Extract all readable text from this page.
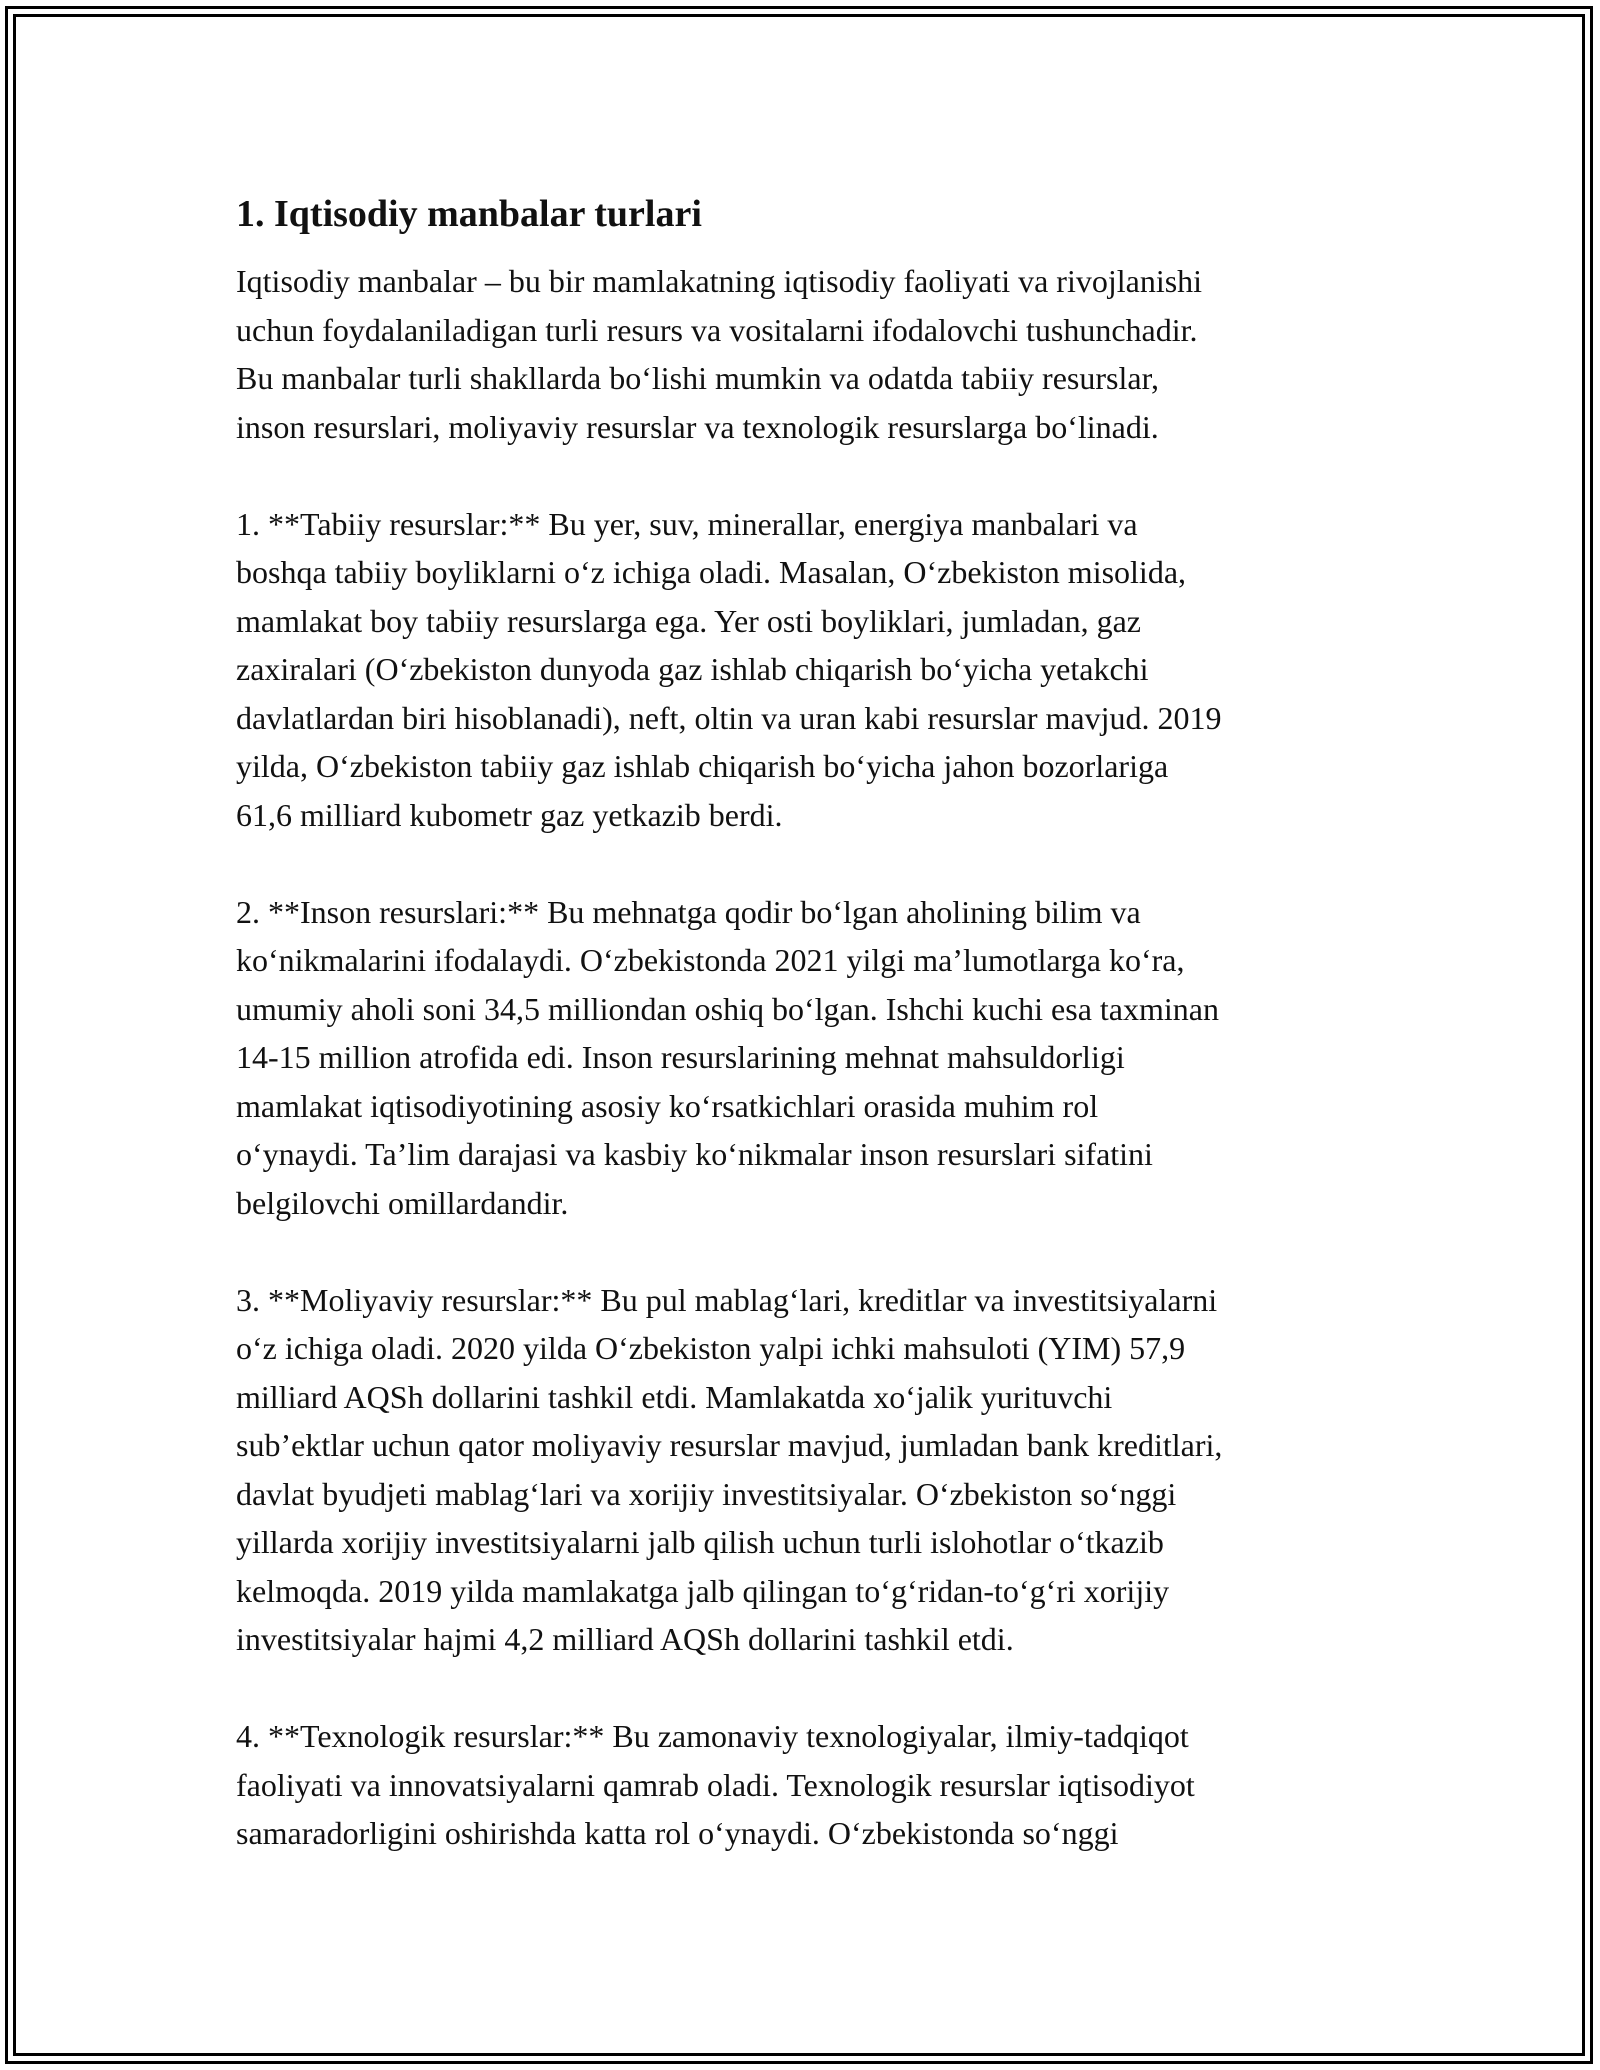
1. Iqtisodiy manbalar turlari

Iqtisodiy manbalar – bu bir mamlakatning iqtisodiy faoliyati va rivojlanishi
uchun foydalaniladigan turli resurs va vositalarni ifodalovchi tushunchadir.
Bu manbalar turli shakllarda bo‘lishi mumkin va odatda tabiiy resurslar,
inson resurslari, moliyaviy resurslar va texnologik resurslarga bo‘linadi.

1. **Tabiiy resurslar:** Bu yer, suv, minerallar, energiya manbalari va
boshqa tabiiy boyliklarni o‘z ichiga oladi. Masalan, O‘zbekiston misolida,
mamlakat boy tabiiy resurslarga ega. Yer osti boyliklari, jumladan, gaz
zaxiralari (O‘zbekiston dunyoda gaz ishlab chiqarish bo‘yicha yetakchi
davlatlardan biri hisoblanadi), neft, oltin va uran kabi resurslar mavjud. 2019
yilda, O‘zbekiston tabiiy gaz ishlab chiqarish bo‘yicha jahon bozorlariga
61,6 milliard kubometr gaz yetkazib berdi.

2. **Inson resurslari:** Bu mehnatga qodir bo‘lgan aholining bilim va
ko‘nikmalarini ifodalaydi. O‘zbekistonda 2021 yilgi ma’lumotlarga ko‘ra,
umumiy aholi soni 34,5 milliondan oshiq bo‘lgan. Ishchi kuchi esa taxminan
14-15 million atrofida edi. Inson resurslarining mehnat mahsuldorligi
mamlakat iqtisodiyotining asosiy ko‘rsatkichlari orasida muhim rol
o‘ynaydi. Ta’lim darajasi va kasbiy ko‘nikmalar inson resurslari sifatini
belgilovchi omillardandir.

3. **Moliyaviy resurslar:** Bu pul mablag‘lari, kreditlar va investitsiyalarni
o‘z ichiga oladi. 2020 yilda O‘zbekiston yalpi ichki mahsuloti (YIM) 57,9
milliard AQSh dollarini tashkil etdi. Mamlakatda xo‘jalik yurituvchi
sub’ektlar uchun qator moliyaviy resurslar mavjud, jumladan bank kreditlari,
davlat byudjeti mablag‘lari va xorijiy investitsiyalar. O‘zbekiston so‘nggi
yillarda xorijiy investitsiyalarni jalb qilish uchun turli islohotlar o‘tkazib
kelmoqda. 2019 yilda mamlakatga jalb qilingan to‘g‘ridan-to‘g‘ri xorijiy
investitsiyalar hajmi 4,2 milliard AQSh dollarini tashkil etdi.

4. **Texnologik resurslar:** Bu zamonaviy texnologiyalar, ilmiy-tadqiqot
faoliyati va innovatsiyalarni qamrab oladi. Texnologik resurslar iqtisodiyot
samaradorligini oshirishda katta rol o‘ynaydi. O‘zbekistonda so‘nggi
